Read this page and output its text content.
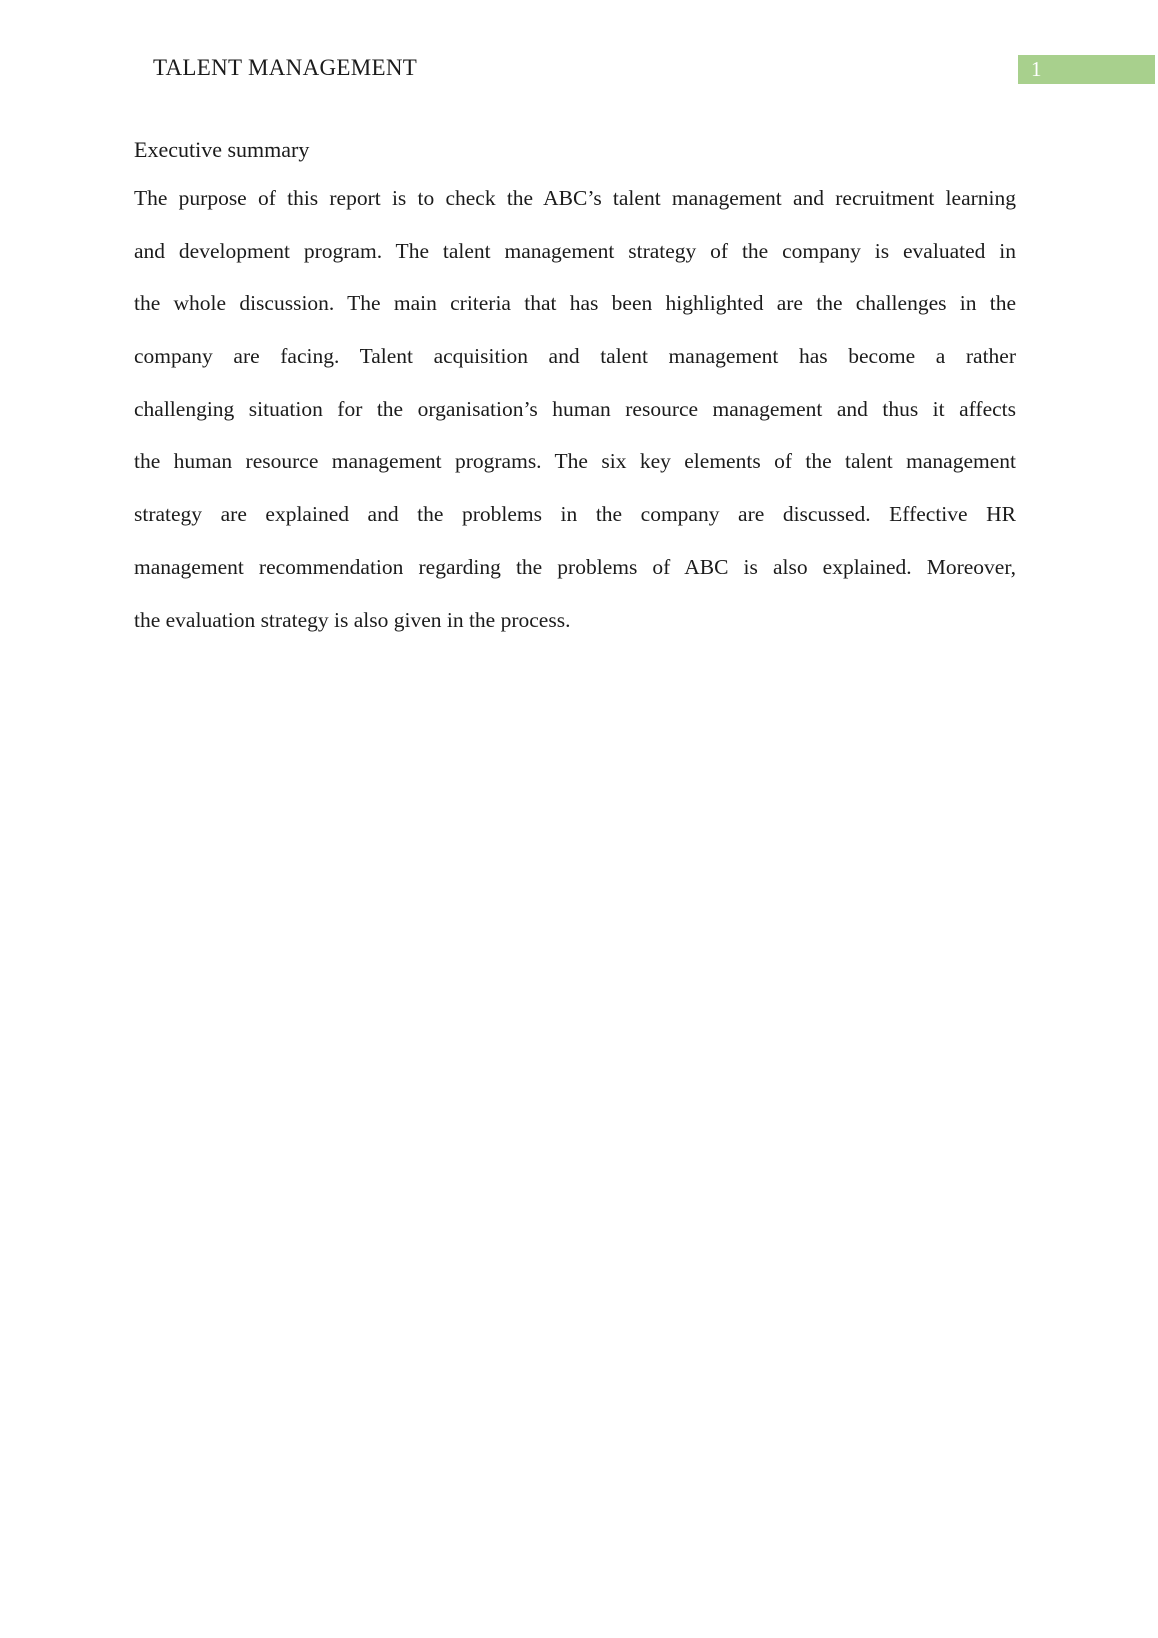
TALENT MANAGEMENT	1
Executive summary
The purpose of this report is to check the ABC’s talent management and recruitment learning
and development program. The talent management strategy of the company is evaluated in
the whole discussion. The main criteria that has been highlighted are the challenges in the
company are facing. Talent acquisition and talent management has become a rather
challenging situation for the organisation’s human resource management and thus it affects
the human resource management programs. The six key elements of the talent management
strategy are explained and the problems in the company are discussed. Effective HR
management recommendation regarding the problems of ABC is also explained. Moreover,
the evaluation strategy is also given in the process.
